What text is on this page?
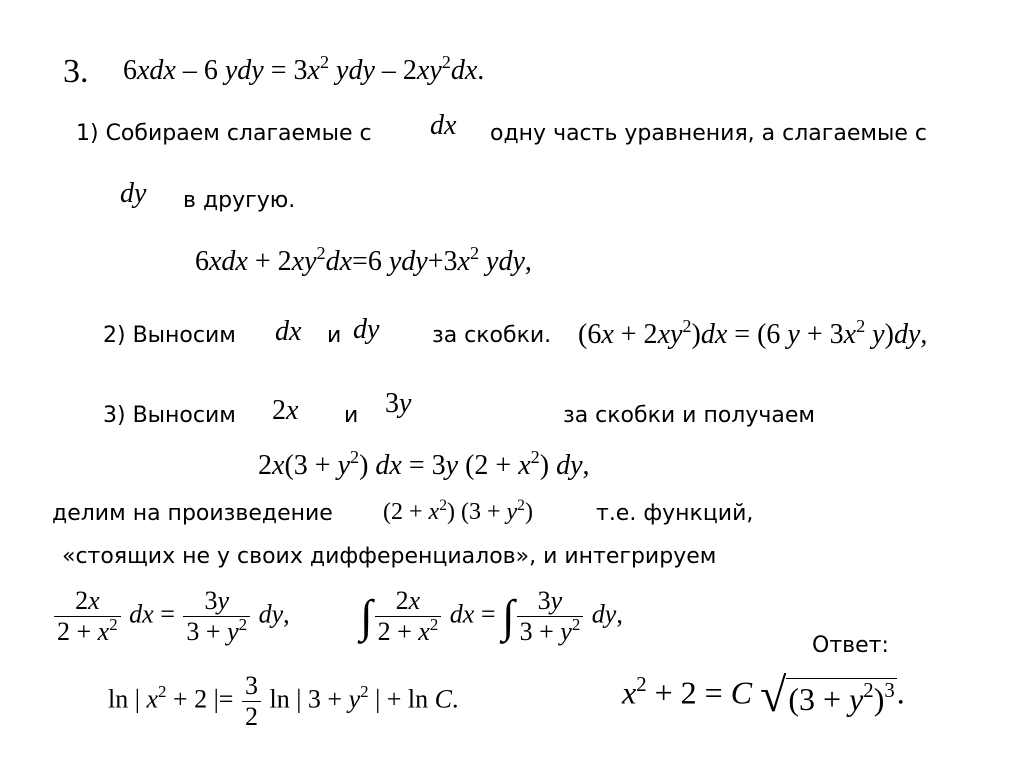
3. 6xdx – 6 ydy = $3x^2$ ydy – $2xy^2dx$.
1) Собираем слагаемые с dx одну часть уравнения, а слагаемые с
dy в другую.
$6xdx + 2xy^2dx=6$ $ydy+3x^2$ ydy,
2) Выносим dx и dy за скобки. $(6x + 2xy^2)dx = (6$ $y + 3x^2$ y)dy,
3) Выносим 2x и 3y	за скобки и получаем
$2x(3 + y^2)$ dx = 3y $(2 + x^2)$ dy,
делим на произведение $(2 + x^2)$ $(3 + y^2)$	т.е. функций,
«стоящих не у своих дифференциалов», и интегрируем
$\frac{2x}{2 + x^2}$ dx = $\frac{3y}{3 + y^2}$ dy, ∫ $\frac{2x}{2 + x^2}$ dx = ∫ $\frac{3y}{3 + y^2}$ dy,
Ответ:
ln | $x^2 + 2$ |= $\frac{3}{2}$ ln | $3 + y^2$ | + ln C.	$x^2 + 2 = C$ $√(3 + y^2)^3$.
